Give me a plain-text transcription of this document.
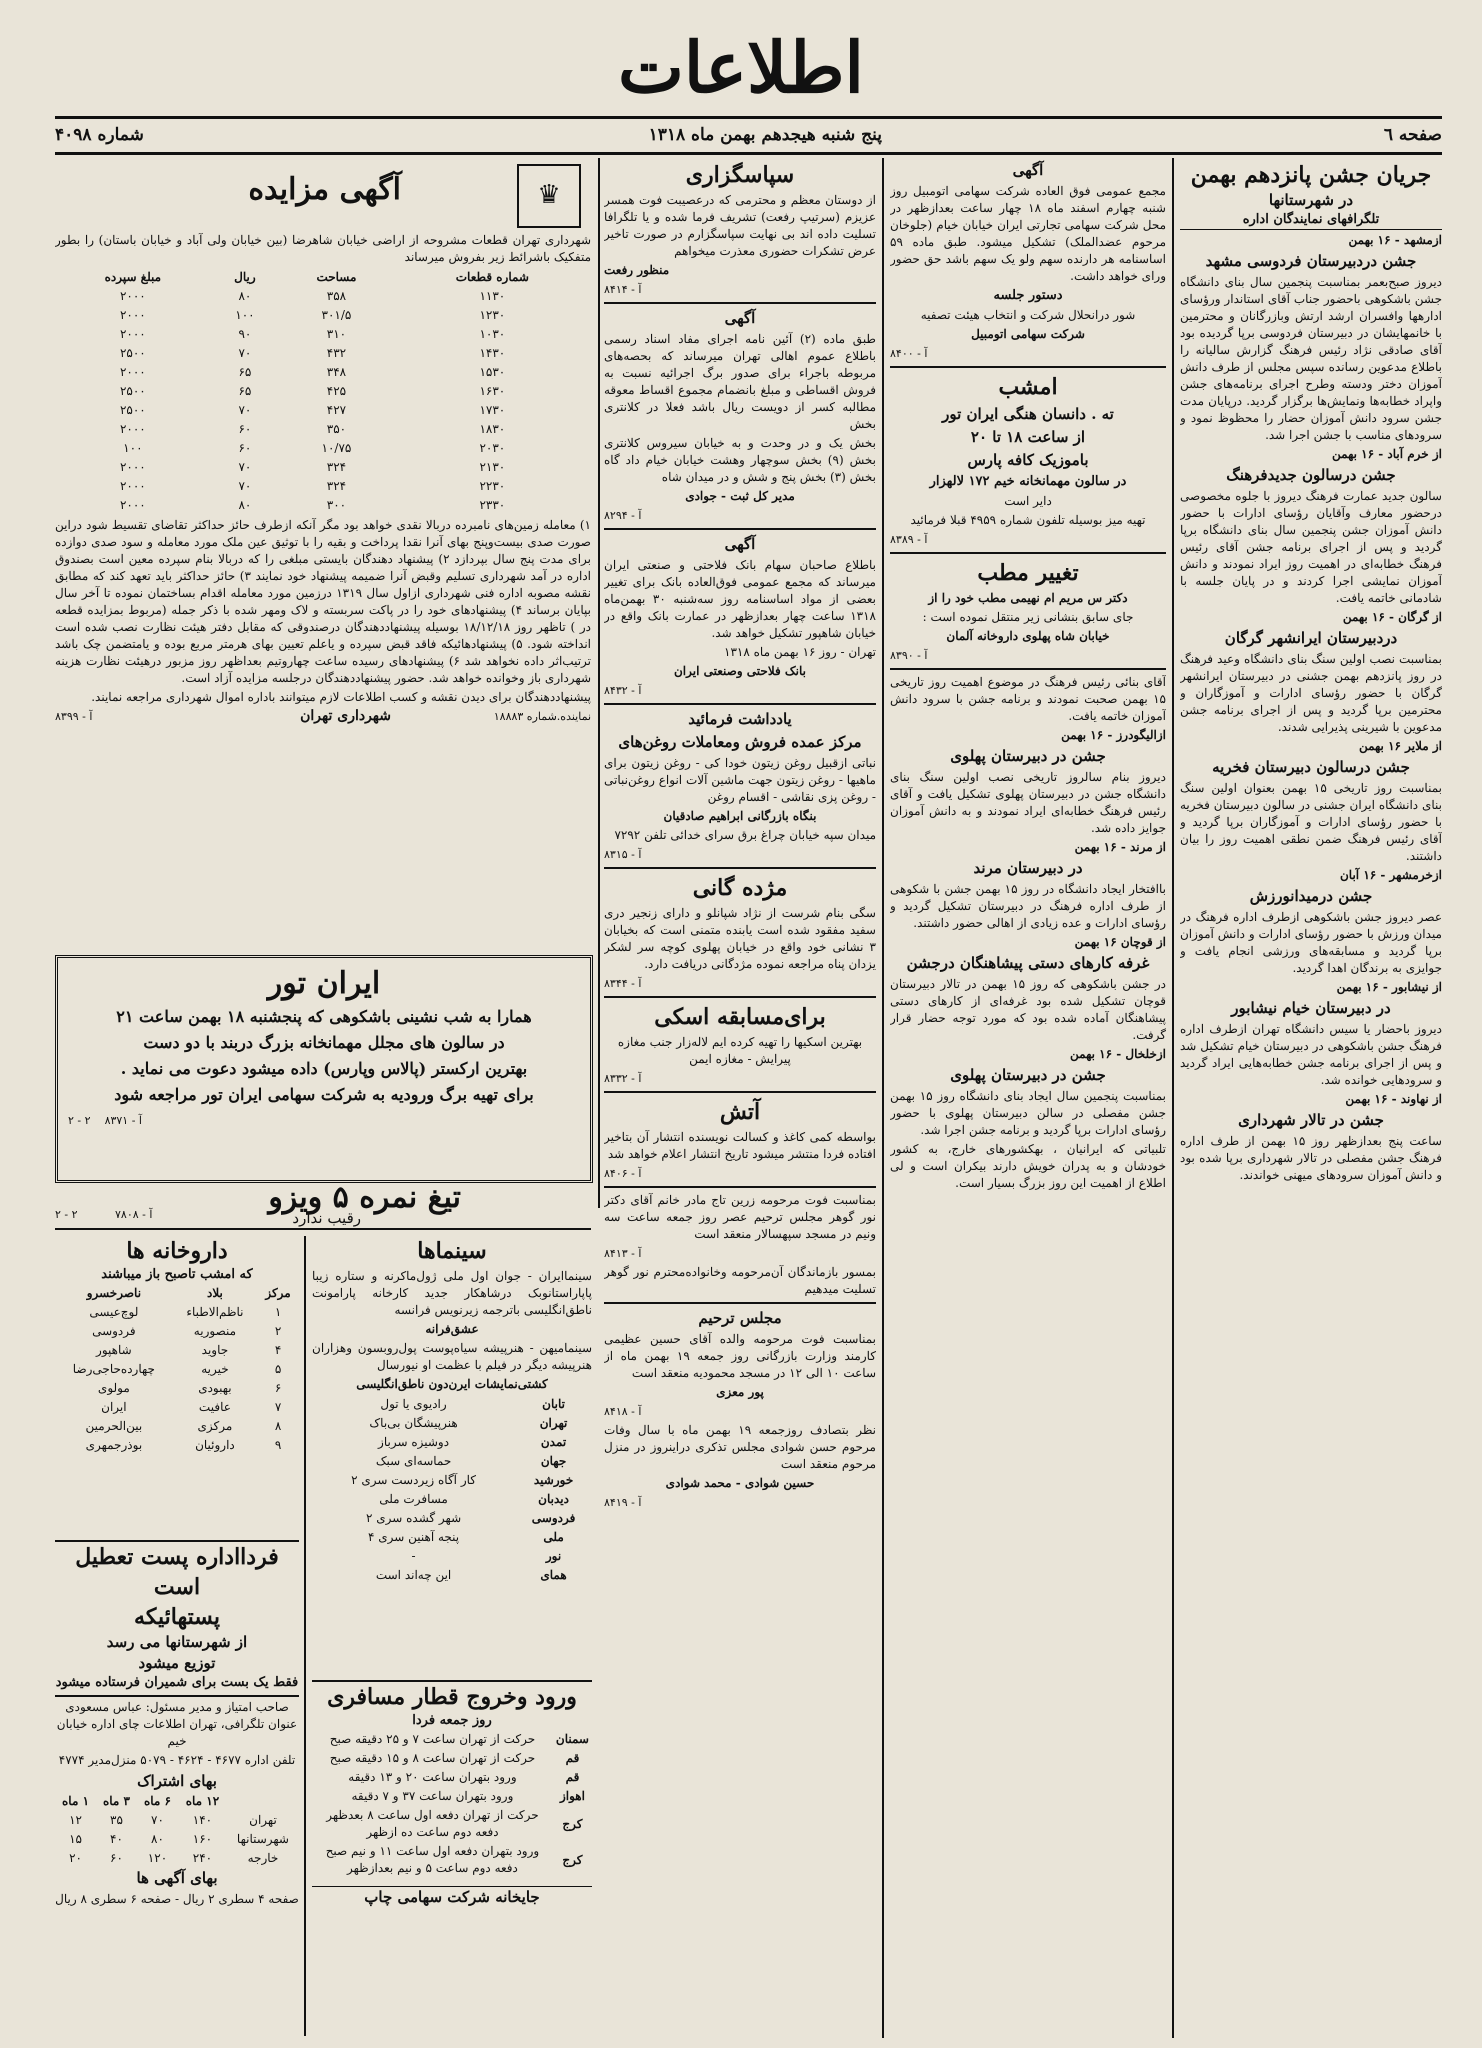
اطلاعات
صفحه ٦
پنج شنبه هیجدهم بهمن ماه ۱۳۱۸
شماره ۴۰۹۸
جریان جشن پانزدهم بهمن
در شهرستانها
تلگرافهای نمایندگان اداره

ازمشهد - ۱۶ بهمن

جشن دردبیرستان فردوسی مشهد

دیروز صبح‌بعمر بمناسبت پنجمین سال بنای دانشگاه جشن باشکوهی باحضور جناب آقای استاندار ورؤسای ادارهها وافسران ارشد ارتش وبازرگانان و محترمین با خانمهایشان در دبیرستان فردوسی برپا گردیده بود آقای صادقی نژاد رئیس فرهنگ گزارش سالیانه را باطلاع مدعوین رسانده سپس مجلس از طرف دانش آموزان دختر ودسته وطرح اجرای برنامه‌های جشن واپراد خطابه‌ها ونمایش‌ها برگزار گردید. درپایان مدت جشن سرود دانش آموزان حضار را محظوظ نمود و سرودهای مناسب با جشن اجرا شد.

از خرم آباد - ۱۶ بهمن

جشن درسالون جدیدفرهنگ

سالون جدید عمارت فرهنگ دیروز با جلوه مخصوصی درحضور معارف وآقایان رؤسای ادارات با حضور دانش آموزان جشن پنجمین سال بنای دانشگاه برپا گردید و پس از اجرای برنامه جشن آقای رئیس فرهنگ خطابه‌ای در اهمیت روز ایراد نمودند و دانش آموزان نمایشی اجرا کردند و در پایان جلسه با شادمانی خاتمه یافت.

از گرگان - ۱۶ بهمن

دردبیرستان ایرانشهر گرگان

بمناسبت نصب اولین سنگ بنای دانشگاه وعید فرهنگ در روز پانزدهم بهمن جشنی در دبیرستان ایرانشهر گرگان با حضور رؤسای ادارات و آموزگاران و محترمین برپا گردید و پس از اجرای برنامه جشن مدعوین با شیرینی پذیرایی شدند.

از ملایر ۱۶ بهمن

جشن درسالون دبیرستان فخریه

بمناسبت روز تاریخی ۱۵ بهمن بعنوان اولین سنگ بنای دانشگاه ایران جشنی در سالون دبیرستان فخریه با حضور رؤسای ادارات و آموزگاران برپا گردید و آقای رئیس فرهنگ ضمن نطقی اهمیت روز را بیان داشتند.

ازخرمشهر - ۱۶ آبان

جشن درمیدانورزش

عصر دیروز جشن باشکوهی ازطرف اداره فرهنگ در میدان ورزش با حضور رؤسای ادارات و دانش آموزان برپا گردید و مسابقه‌های ورزشی انجام یافت و جوایزی به برندگان اهدا گردید.

از نیشابور - ۱۶ بهمن

در دبیرستان خیام نیشابور

دیروز باحضار یا سیس دانشگاه تهران ازطرف اداره فرهنگ جشن باشکوهی در دبیرستان خیام تشکیل شد و پس از اجرای برنامه جشن خطابه‌هایی ایراد گردید و سرودهایی خوانده شد.

از نهاوند - ۱۶ بهمن

جشن در تالار شهرداری

ساعت پنج بعدازظهر روز ۱۵ بهمن از طرف اداره فرهنگ جشن مفصلی در تالار شهرداری برپا شده بود و دانش آموزان سرودهای میهنی خواندند.

آگهی

مجمع عمومی فوق العاده شرکت سهامی اتومبیل روز شنبه چهارم اسفند ماه ۱۸ چهار ساعت بعدازظهر در محل شرکت سهامی تجارتی ایران خیابان خیام (جلوخان مرحوم عضدالملک) تشکیل میشود. طبق ماده ۵۹ اساسنامه هر دارنده سهم ولو یک سهم باشد حق حضور ورای خواهد داشت.

دستور جلسه

شور درانحلال شرکت و انتخاب هیئت تصفیه

شرکت سهامی اتومبیل

آ - ۸۴۰۰

امشب

ته . دانسان هنگی ایران تور

از ساعت ۱۸ تا ۲۰

باموزیک کافه پارس

در سالون مهمانخانه خیم ۱۷۲ لالهزار

دایر است

تهیه میز بوسیله تلفون شماره ۴۹۵۹ قبلا فرمائید

آ - ۸۳۸۹

تغییر مطب

دکتر س مریم ام نهیمی مطب خود را از

جای سابق بنشانی زیر منتقل نموده است :

خیابان شاه پهلوی داروخانه آلمان

آ - ۸۳۹۰

آقای بنائی رئیس فرهنگ در موضوع اهمیت روز تاریخی ۱۵ بهمن صحبت نمودند و برنامه جشن با سرود دانش آموزان خاتمه یافت.

ازالیگودرز - ۱۶ بهمن

جشن در دبیرستان پهلوی

دیروز بنام سالروز تاریخی نصب اولین سنگ بنای دانشگاه جشن در دبیرستان پهلوی تشکیل یافت و آقای رئیس فرهنگ خطابه‌ای ایراد نمودند و به دانش آموزان جوایز داده شد.

از مرند - ۱۶ بهمن

در دبیرستان مرند

باافتخار ایجاد دانشگاه در روز ۱۵ بهمن جشن با شکوهی از طرف اداره فرهنگ در دبیرستان تشکیل گردید و رؤسای ادارات و عده زیادی از اهالی حضور داشتند.

از قوچان ۱۶ بهمن

غرفه کارهای دستی پیشاهنگان درجشن

در جشن باشکوهی که روز ۱۵ بهمن در تالار دبیرستان قوچان تشکیل شده بود غرفه‌ای از کارهای دستی پیشاهنگان آماده شده بود که مورد توجه حضار قرار گرفت.

ازخلخال - ۱۶ بهمن

جشن در دبیرستان پهلوی

بمناسبت پنجمین سال ایجاد بنای دانشگاه روز ۱۵ بهمن جشن مفصلی در سالن دبیرستان پهلوی با حضور رؤسای ادارات برپا گردید و برنامه جشن اجرا شد.

تلبیاتی که ایرانیان ، بهکشورهای خارج، به کشور خودشان و به پدران خویش دارند بیکران است و لی اطلاع از اهمیت این روز بزرگ بسیار است.

سپاسگزاری

از دوستان معظم و محترمی که درعصیبت فوت همسر عزیزم (سرتیپ رفعت) تشریف فرما شده و یا تلگرافا تسلیت داده اند بی نهایت سپاسگزارم در صورت تاخیر عرض تشکرات حضوری معذرت میخواهم

منظور رفعت

آ - ۸۴۱۴

آگهی

طبق ماده (۲) آئین نامه اجرای مفاد اسناد رسمی باطلاع عموم اهالی تهران میرساند که بحصه‌های مربوطه باجراء برای صدور برگ اجرائیه نسبت به فروش اقساطی و مبلغ بانضمام مجموع اقساط معوقه مطالبه کسر از دویست ریال باشد فعلا در کلانتری بخش

بخش یک و در وحدت و به خیابان سیروس کلانتری بخش (۹) بخش سوچهار وهشت خیابان خیام داد گاه بخش (۳) بخش پنج و شش و در میدان شاه

مدیر کل ثبت - جوادی

آ - ۸۲۹۴

آگهی

باطلاع صاحبان سهام بانک فلاحتی و صنعتی ایران میرساند که مجمع عمومی فوق‌العاده بانک برای تغییر بعضی از مواد اساسنامه روز سه‌شنبه ۳۰ بهمن‌ماه ۱۳۱۸ ساعت چهار بعدازظهر در عمارت بانک واقع در خیابان شاهپور تشکیل خواهد شد.

تهران - روز ۱۶ بهمن ماه ۱۳۱۸

بانک فلاحتی وصنعتی ایران

آ - ۸۴۳۲

یادداشت فرمائید

مرکز عمده فروش ومعاملات روغن‌های

نباتی ازقبیل روغن زیتون خودا کی - روغن زیتون برای ماهیها - روغن زیتون جهت ماشین آلات انواع روغن‌نباتی - روغن پزی نقاشی - اقسام روغن

بنگاه بازرگانی ابراهیم صادقیان

میدان سپه خیابان چراغ برق سرای خدائی تلفن ۷۲۹۲

آ - ۸۳۱۵

مژده گانی

سگی بنام شرست از نژاد شپانلو و دارای زنجیر دری سفید مفقود شده است یابنده متمنی است که بخیابان ۳ نشانی خود واقع در خیابان پهلوی کوچه سر لشکر یزدان پناه مراجعه نموده مژدگانی دریافت دارد.

آ - ۸۳۴۴

برای‌مسابقه اسکی

بهترین اسکیها را تهیه کرده ایم لاله‌زار جنب مغازه پیرایش - مغازه ایمن

آ - ۸۳۳۲

آتش

بواسطه کمی کاغذ و کسالت نویسنده انتشار آن بتاخیر افتاده فردا منتشر میشود تاریخ انتشار اعلام خواهد شد

آ - ۸۴۰۶

بمناسبت فوت مرحومه زرین تاج مادر خانم آقای دکتر نور گوهر مجلس ترحیم عصر روز جمعه ساعت سه ونیم در مسجد سپهسالار منعقد است

آ - ۸۴۱۳

بمسور بازماندگان آن‌مرحومه وخانواده‌محترم نور گوهر تسلیت میدهیم

مجلس ترحیم

بمناسبت فوت مرحومه والده آقای حسین عظیمی کارمند وزارت بازرگانی روز جمعه ۱۹ بهمن ماه از ساعت ۱۰ الی ۱۲ در مسجد محمودیه منعقد است

پور معزی

آ - ۸۴۱۸

نظر بتصادف روزجمعه ۱۹ بهمن ماه با سال وفات مرحوم حسن شوادی مجلس تذکری دراینروز در منزل مرحوم منعقد است

حسین شوادی - محمد شوادی

آ - ۸۴۱۹

♛
آگهی مزایده

شهرداری تهران قطعات مشروحه از اراضی خیابان شاهرضا (بین خیابان ولی آباد و خیابان باستان) را بطور متفکیک باشرائط زیر بفروش میرساند

شماره قطعات	مساحت	ریال	مبلغ سپرده
۱۱۳۰	۳۵۸	۸۰	۲۰۰۰
۱۲۳۰	۳۰۱/۵	۱۰۰	۲۰۰۰
۱۰۳۰	۳۱۰	۹۰	۲۰۰۰
۱۴۳۰	۴۳۲	۷۰	۲۵۰۰
۱۵۳۰	۳۴۸	۶۵	۲۰۰۰
۱۶۳۰	۴۲۵	۶۵	۲۵۰۰
۱۷۳۰	۴۲۷	۷۰	۲۵۰۰
۱۸۳۰	۳۵۰	۶۰	۲۰۰۰
۲۰۳۰	۱۰/۷۵	۶۰	۱۰۰
۲۱۳۰	۳۲۴	۷۰	۲۰۰۰
۲۲۳۰	۳۲۴	۷۰	۲۰۰۰
۲۳۳۰	۳۰۰	۸۰	۲۰۰۰

۱) معامله زمین‌های نامبرده دربالا نقدی خواهد بود مگر آنکه ازطرف حائز حداکثر تقاضای تقسیط شود دراین صورت صدی بیست‌وپنج بهای آنرا نقدا پرداخت و بقیه را با توثیق عین ملک مورد معامله و سود صدی دوازده برای مدت پنج سال بپردازد ۲) پیشنهاد دهندگان بایستی مبلغی را که دربالا بنام سپرده معین است بصندوق اداره در آمد شهرداری تسلیم وقبض آنرا ضمیمه پیشنهاد خود نمایند ۳) حائز حداکثر باید تعهد کند که مطابق نقشه مصوبه اداره فنی شهرداری ازاول سال ۱۳۱۹ درزمین مورد معامله اقدام بساختمان نموده تا آخر سال بپایان برساند ۴) پیشنهادهای خود را در پاکت سربسته و لاک ومهر شده با ذکر جمله (مربوط بمزایده قطعه در ) تاظهر روز ۱۸/۱۲/۱۸ بوسیله پیشنهاددهندگان درصندوقی که مقابل دفتر هیئت نظارت نصب شده است انداخته شود. ۵) پیشنهادهائیکه فاقد قبض سپرده و یاعلم تعیین بهای هرمتر مربع بوده و یامتضمن چک باشد ترتیب‌اثر داده نخواهد شد ۶) پیشنهادهای رسیده ساعت چهاروتیم بعداظهر روز مزبور درهیئت نظارت هزینه شهرداری باز وخوانده خواهد شد. حضور پیشنهاددهندگان درجلسه مزایده آزاد است.

پیشنهاددهندگان برای دیدن نقشه و کسب اطلاعات لازم میتوانند باداره اموال شهرداری مراجعه نمایند.

نماینده.شماره ۱۸۸۸۳
شهرداری تهران
آ - ۸۳۹۹
ایران تور
همارا به شب نشینی باشکوهی که پنجشنبه ۱۸ بهمن ساعت ۲۱
در سالون های مجلل مهمانخانه بزرگ دربند با دو دست
بهترین ارکستر (پالاس وپارس) داده میشود دعوت می نماید .
برای تهیه برگ ورودیه به شرکت سهامی ایران تور مراجعه شود
آ - ۸۳۷۱    ۲ - ۲
تیغ نمره ۵ ویزو
رقیب ندارد
آ - ۷۸۰۸
۲ - ۲
سینماها

سینماایران - جوان اول ملی ژول‌ماکرنه و ستاره زیبا پاپاراستانوبک درشاهکار جدید کارخانه پارامونت ناطق‌انگلیسی باترجمه زیرنویس فرانسه

عشق‌فرانه

سینمامیهن - هنرپیشه سیاه‌پوست پول‌روبسون وهزاران هنرپیشه دیگر در فیلم با عظمت او نیورسال

کشتی‌نمایشات ایرن‌دون ناطق‌انگلیسی

تابان	رادیوی یا تول
تهران	هنرپیشگان بی‌باک
تمدن	دوشیزه سرباز
جهان	حماسه‌ای سبک
خورشید	کار آگاه زیردست سری ۲
دیدبان	مسافرت ملی
فردوسی	شهر گشده سری ۲
ملی	پنجه آهنین سری ۴
نور	-
همای	این چه‌اند است
داروخانه ها
که امشب تاصبح باز میباشند
مرکز	بلاد	ناصرخسرو
۱	ناظم‌الاطباء	لوچ‌عیسی
۲	منصوریه	فردوسی
۴	جاوید	شاهپور
۵	خیریه	چهارده‌حاجی‌رضا
۶	بهبودی	مولوی
۷	عافیت	ایران
۸	مرکزی	بین‌الحرمین
۹	داروئیان	بوذرجمهری
فردااداره پست تعطیل است
پستهائیکه
از شهرستانها می رسد
توزیع میشود
فقط یک بست برای شمیران فرستاده میشود

صاحب امتیاز و مدیر مسئول: عباس مسعودی عنوان تلگرافی، تهران اطلاعات چای اداره خیابان خیم

تلفن اداره ۴۶۷۷ - ۴۶۲۴ - ۵۰۷۹ منزل‌مدیر ۴۷۷۴

بهای اشتراک
	۱۲ ماه	۶ ماه	۳ ماه	۱ ماه
تهران	۱۴۰	۷۰	۳۵	۱۲
شهرستانها	۱۶۰	۸۰	۴۰	۱۵
خارجه	۲۴۰	۱۲۰	۶۰	۲۰
بهای آگهی ها

صفحه ۴ سطری ۲ ریال - صفحه ۶ سطری ۸ ریال

ورود وخروج قطار مسافری
روز جمعه فردا
سمنان	حرکت از تهران ساعت ۷ و ۲۵ دقیقه صبح
قم	حرکت از تهران ساعت ۸ و ۱۵ دقیقه صبح
قم	ورود بتهران ساعت ۲۰ و ۱۳ دقیقه
اهواز	ورود بتهران ساعت ۳۷ و ۷ دقیقه
کرج	حرکت از تهران دفعه اول ساعت ۸ بعدظهر دفعه دوم ساعت ده ازظهر
کرج	ورود بتهران دفعه اول ساعت ۱۱ و نیم صبح دفعه دوم ساعت ۵ و نیم بعدازظهر
جایخانه شرکت سهامی چاپ
